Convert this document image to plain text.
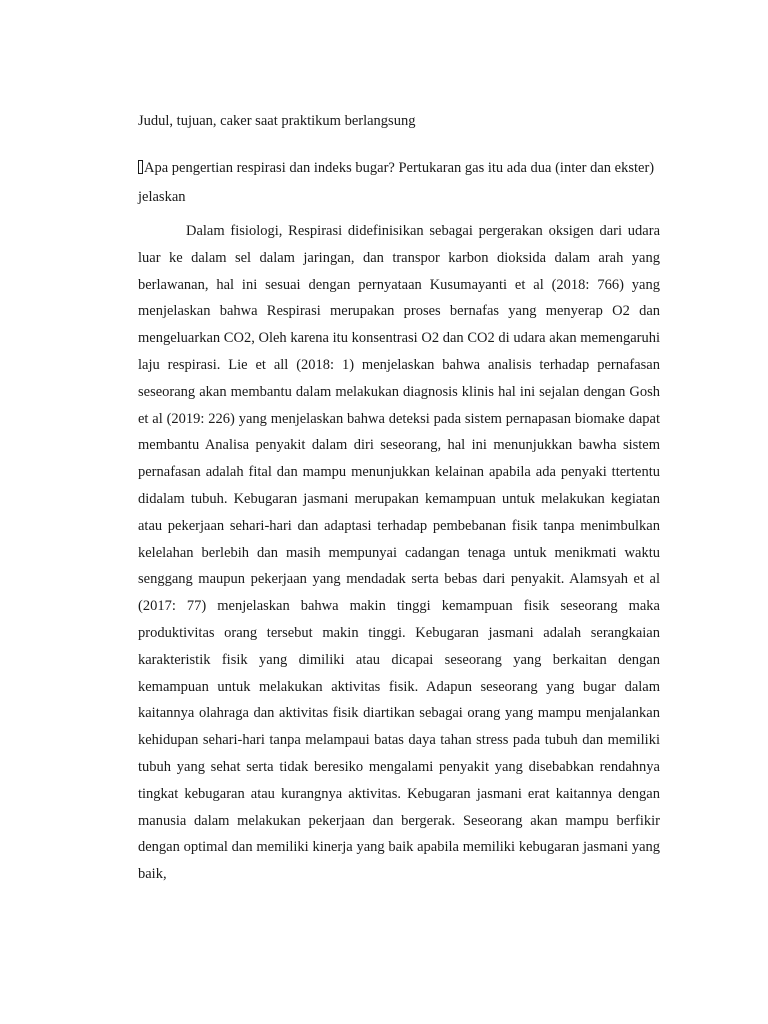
Judul, tujuan, caker saat praktikum berlangsung

Apa pengertian respirasi dan indeks bugar? Pertukaran gas itu ada dua (inter dan ekster) jelaskan

Dalam fisiologi, Respirasi didefinisikan sebagai pergerakan oksigen dari udara luar ke dalam sel dalam jaringan, dan transpor karbon dioksida dalam arah yang berlawanan, hal ini sesuai dengan pernyataan Kusumayanti et al (2018: 766) yang menjelaskan bahwa Respirasi merupakan proses bernafas yang menyerap O2 dan mengeluarkan CO2, Oleh karena itu konsentrasi O2 dan CO2 di udara akan memengaruhi laju respirasi. Lie et all (2018: 1) menjelaskan bahwa analisis terhadap pernafasan seseorang akan membantu dalam melakukan diagnosis klinis hal ini sejalan dengan Gosh et al (2019: 226) yang menjelaskan bahwa deteksi pada sistem pernapasan biomake dapat membantu Analisa penyakit dalam diri seseorang, hal ini menunjukkan bawha sistem pernafasan adalah fital dan mampu menunjukkan kelainan apabila ada penyaki ttertentu didalam tubuh. Kebugaran jasmani merupakan kemampuan untuk melakukan kegiatan atau pekerjaan sehari-hari dan adaptasi terhadap pembebanan fisik tanpa menimbulkan kelelahan berlebih dan masih mempunyai cadangan tenaga untuk menikmati waktu senggang maupun pekerjaan yang mendadak serta bebas dari penyakit. Alamsyah et al (2017: 77) menjelaskan bahwa makin tinggi kemampuan fisik seseorang maka produktivitas orang tersebut makin tinggi. Kebugaran jasmani adalah serangkaian karakteristik fisik yang dimiliki atau dicapai seseorang yang berkaitan dengan kemampuan untuk melakukan aktivitas fisik. Adapun seseorang yang bugar dalam kaitannya olahraga dan aktivitas fisik diartikan sebagai orang yang mampu menjalankan kehidupan sehari-hari tanpa melampaui batas daya tahan stress pada tubuh dan memiliki tubuh yang sehat serta tidak beresiko mengalami penyakit yang disebabkan rendahnya tingkat kebugaran atau kurangnya aktivitas. Kebugaran jasmani erat kaitannya dengan manusia dalam melakukan pekerjaan dan bergerak. Seseorang akan mampu berfikir dengan optimal dan memiliki kinerja yang baik apabila memiliki kebugaran jasmani yang baik,
